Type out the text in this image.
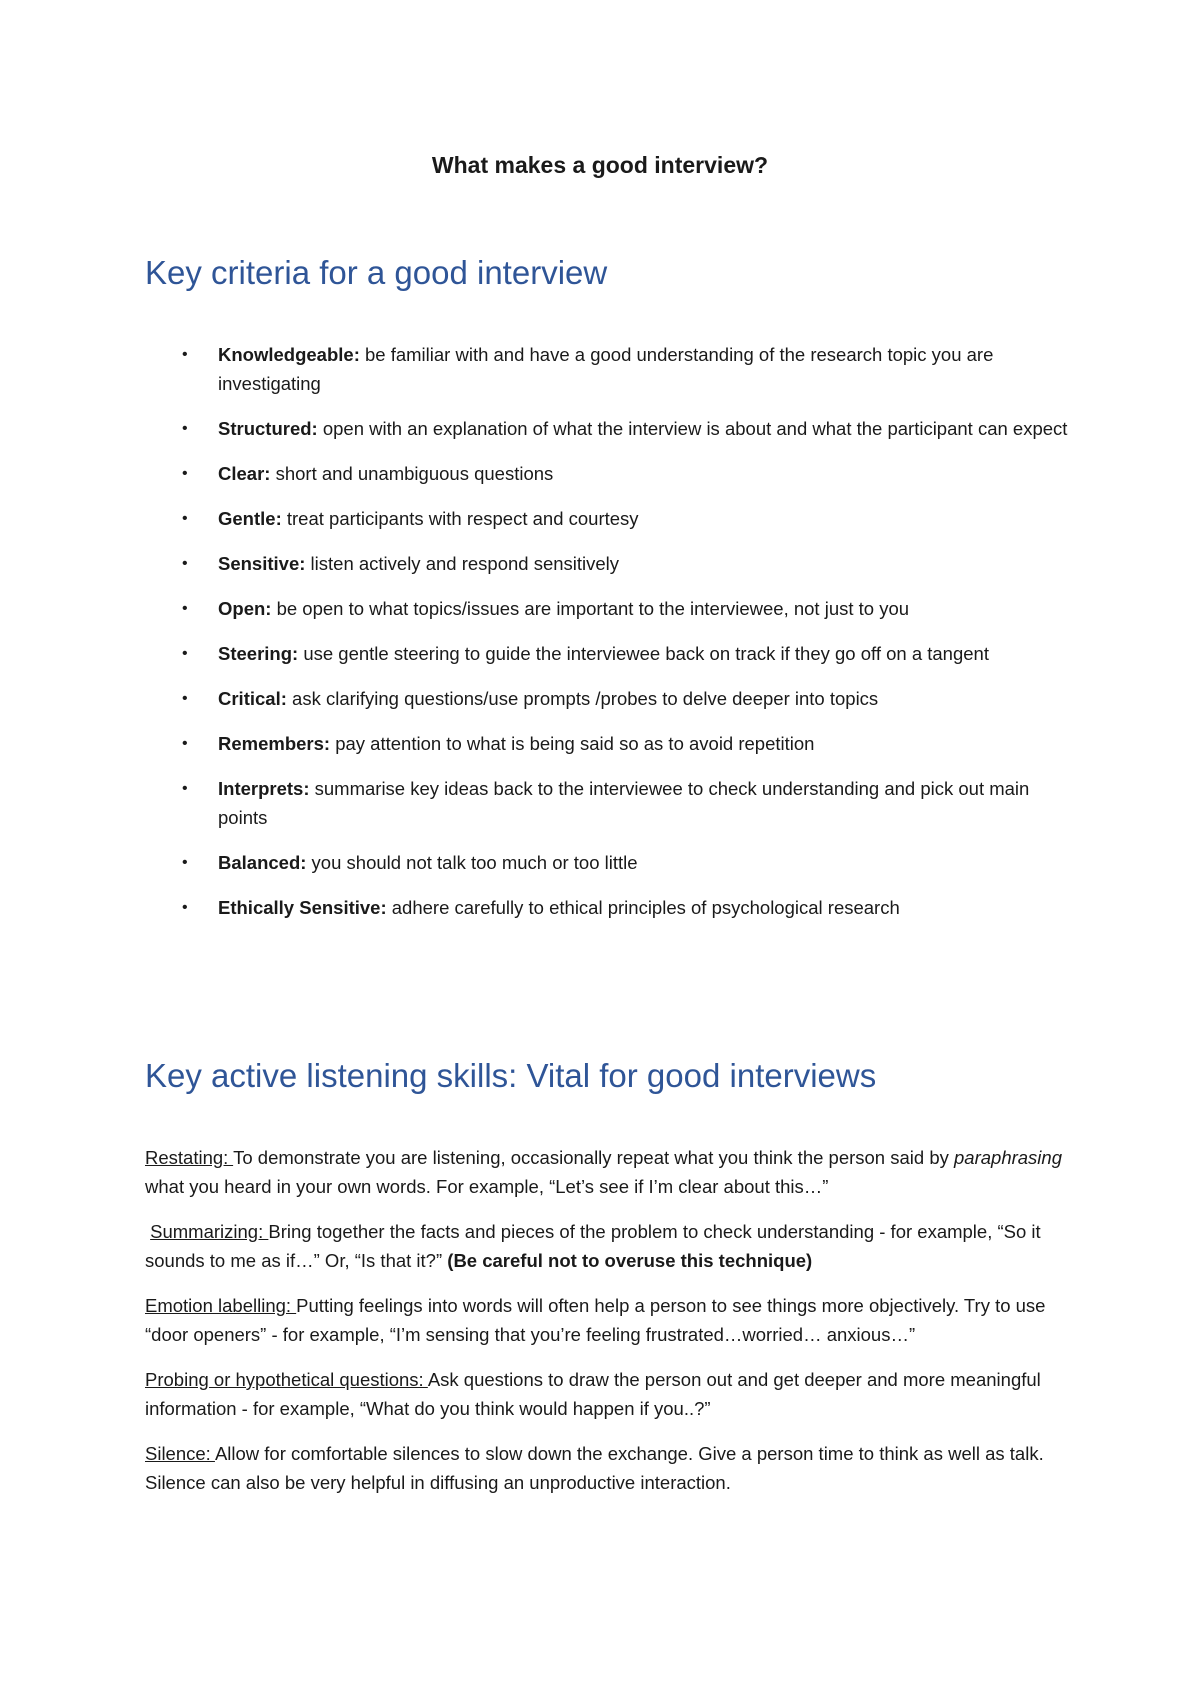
What makes a good interview?
Key criteria for a good interview
• Knowledgeable: be familiar with and have a good understanding of the research topic you are investigating
• Structured: open with an explanation of what the interview is about and what the participant can expect
• Clear: short and unambiguous questions
• Gentle: treat participants with respect and courtesy
• Sensitive: listen actively and respond sensitively
• Open: be open to what topics/issues are important to the interviewee, not just to you
• Steering: use gentle steering to guide the interviewee back on track if they go off on a tangent
• Critical: ask clarifying questions/use prompts /probes to delve deeper into topics
• Remembers: pay attention to what is being said so as to avoid repetition
• Interprets: summarise key ideas back to the interviewee to check understanding and pick out main points
• Balanced: you should not talk too much or too little
• Ethically Sensitive: adhere carefully to ethical principles of psychological research
Key active listening skills: Vital for good interviews

Restating: To demonstrate you are listening, occasionally repeat what you think the person said by paraphrasing what you heard in your own words. For example, “Let’s see if I’m clear about this…”

Summarizing: Bring together the facts and pieces of the problem to check understanding - for example, “So it sounds to me as if…” Or, “Is that it?” (Be careful not to overuse this technique)

Emotion labelling: Putting feelings into words will often help a person to see things more objectively. Try to use “door openers” - for example, “I’m sensing that you’re feeling frustrated…worried… anxious…”

Probing or hypothetical questions: Ask questions to draw the person out and get deeper and more meaningful information - for example, “What do you think would happen if you..?”

Silence: Allow for comfortable silences to slow down the exchange. Give a person time to think as well as talk. Silence can also be very helpful in diffusing an unproductive interaction.
